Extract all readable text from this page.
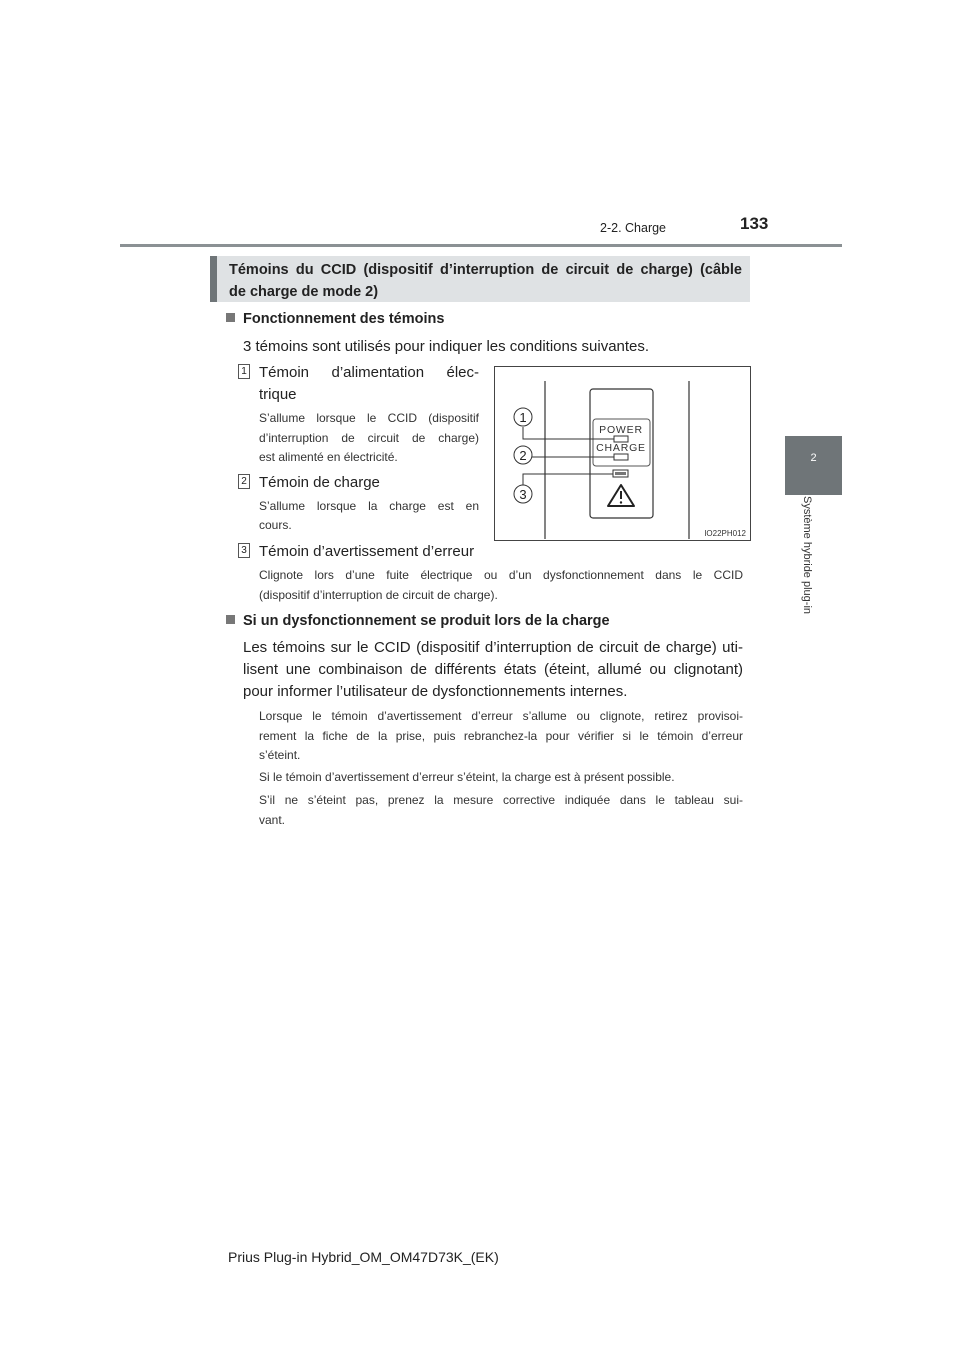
2-2. Charge	133
2
Système hybride plug-in
Témoins du CCID (dispositif d’interruption de circuit de charge) (câble

de charge de mode 2)
Fonctionnement des témoins
3 témoins sont utilisés pour indiquer les conditions suivantes.
1 Témoin d’alimentation élec-
trique
S’allume lorsque le CCID (dispositif
d’interruption de circuit de charge)
est alimenté en électricité.
2 Témoin de charge
S’allume lorsque la charge est en
cours.
3 Témoin d’avertissement d’erreur
Clignote lors d’une fuite électrique ou d’un dysfonctionnement dans le CCID
(dispositif d’interruption de circuit de charge).
POWER
CHARGE
1
2
3
IO22PH012
Si un dysfonctionnement se produit lors de la charge
Les témoins sur le CCID (dispositif d’interruption de circuit de charge) uti-
lisent une combinaison de différents états (éteint, allumé ou clignotant)
pour informer l’utilisateur de dysfonctionnements internes.
Lorsque le témoin d’avertissement d’erreur s’allume ou clignote, retirez provisoi-
rement la fiche de la prise, puis rebranchez-la pour vérifier si le témoin d’erreur
s’éteint.
Si le témoin d’avertissement d’erreur s’éteint, la charge est à présent possible.
S’il ne s’éteint pas, prenez la mesure corrective indiquée dans le tableau sui-
vant.
Prius Plug-in Hybrid_OM_OM47D73K_(EK)
